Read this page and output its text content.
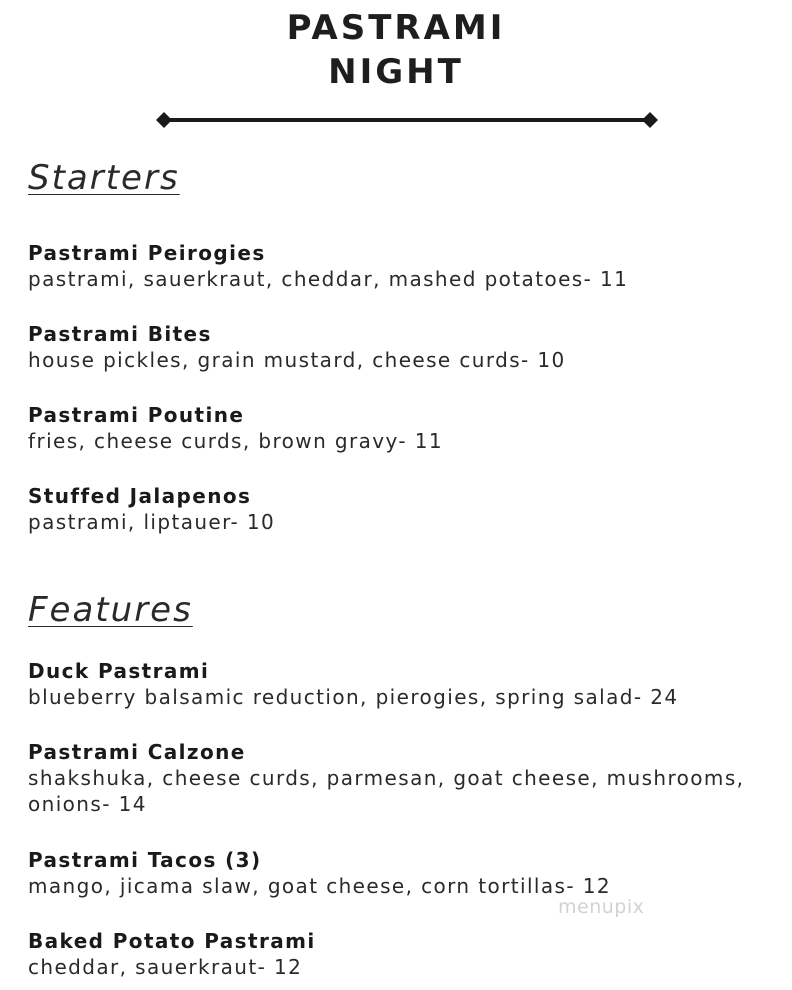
PASTRAMI
NIGHT
Starters
Pastrami Peirogies
pastrami, sauerkraut, cheddar, mashed potatoes- 11
Pastrami Bites
house pickles, grain mustard, cheese curds- 10
Pastrami Poutine
fries, cheese curds, brown gravy- 11
Stuffed Jalapenos
pastrami, liptauer- 10
Features
Duck Pastrami
blueberry balsamic reduction, pierogies, spring salad- 24
Pastrami Calzone
shakshuka, cheese curds, parmesan, goat cheese, mushrooms,
onions- 14
Pastrami Tacos (3)
mango, jicama slaw, goat cheese, corn tortillas- 12
Baked Potato Pastrami
cheddar, sauerkraut- 12
menupix
